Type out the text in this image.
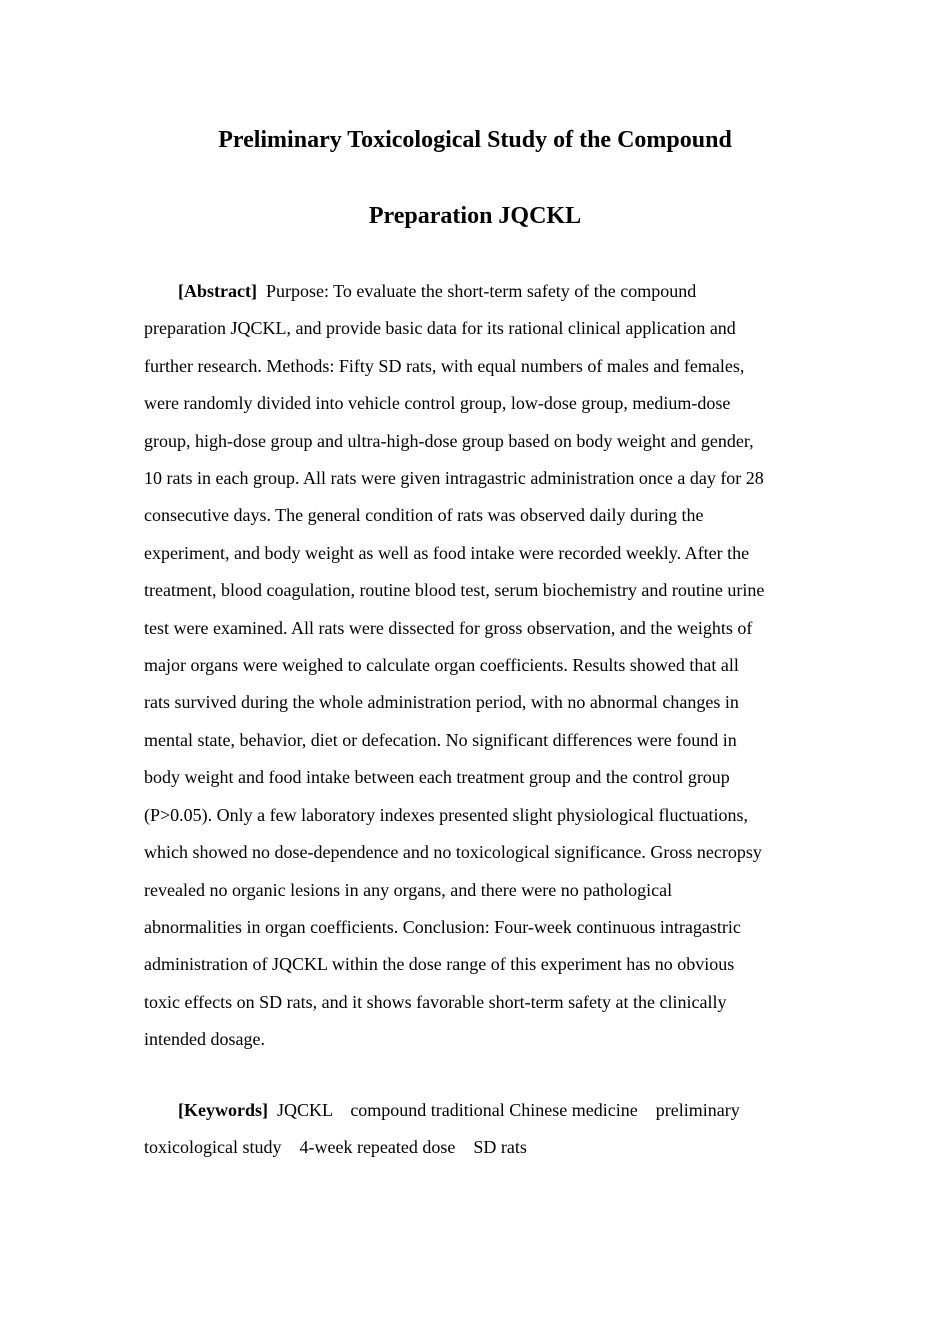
Preliminary Toxicological Study of the Compound
Preparation JQCKL
[Abstract] Purpose: To evaluate the short-term safety of the compound
preparation JQCKL, and provide basic data for its rational clinical application and
further research. Methods: Fifty SD rats, with equal numbers of males and females,
were randomly divided into vehicle control group, low-dose group, medium-dose
group, high-dose group and ultra-high-dose group based on body weight and gender,
10 rats in each group. All rats were given intragastric administration once a day for 28
consecutive days. The general condition of rats was observed daily during the
experiment, and body weight as well as food intake were recorded weekly. After the
treatment, blood coagulation, routine blood test, serum biochemistry and routine urine
test were examined. All rats were dissected for gross observation, and the weights of
major organs were weighed to calculate organ coefficients. Results showed that all
rats survived during the whole administration period, with no abnormal changes in
mental state, behavior, diet or defecation. No significant differences were found in
body weight and food intake between each treatment group and the control group
(P>0.05). Only a few laboratory indexes presented slight physiological fluctuations,
which showed no dose-dependence and no toxicological significance. Gross necropsy
revealed no organic lesions in any organs, and there were no pathological
abnormalities in organ coefficients. Conclusion: Four-week continuous intragastric
administration of JQCKL within the dose range of this experiment has no obvious
toxic effects on SD rats, and it shows favorable short-term safety at the clinically
intended dosage.
[Keywords] JQCKL    compound traditional Chinese medicine    preliminary
toxicological study    4-week repeated dose    SD rats
